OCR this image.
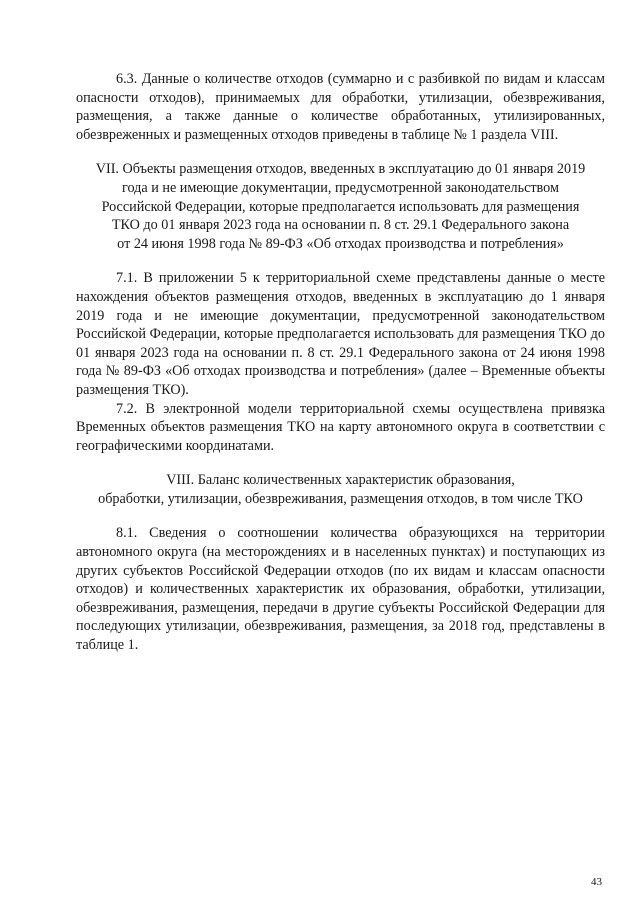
6.3. Данные о количестве отходов (суммарно и с разбивкой по видам и классам опасности отходов), принимаемых для обработки, утилизации, обезвреживания, размещения, а также данные о количестве обработанных, утилизированных, обезвреженных и размещенных отходов приведены в таблице № 1 раздела VIII.

VII. Объекты размещения отходов, введенных в эксплуатацию до 01 января 2019
года и не имеющие документации, предусмотренной законодательством
Российской Федерации, которые предполагается использовать для размещения
ТКО до 01 января 2023 года на основании п. 8 ст. 29.1 Федерального закона
от 24 июня 1998 года № 89-ФЗ «Об отходах производства и потребления»

7.1. В приложении 5 к территориальной схеме представлены данные о месте нахождения объектов размещения отходов, введенных в эксплуатацию до 1 января 2019 года и не имеющие документации, предусмотренной законодательством Российской Федерации, которые предполагается использовать для размещения ТКО до 01 января 2023 года на основании п. 8 ст. 29.1 Федерального закона от 24 июня 1998 года № 89-ФЗ «Об отходах производства и потребления» (далее – Временные объекты размещения ТКО).

7.2. В электронной модели территориальной схемы осуществлена привязка Временных объектов размещения ТКО на карту автономного округа в соответствии с географическими координатами.

VIII. Баланс количественных характеристик образования,
обработки, утилизации, обезвреживания, размещения отходов, в том числе ТКО

8.1. Сведения о соотношении количества образующихся на территории автономного округа (на месторождениях и в населенных пунктах) и поступающих из других субъектов Российской Федерации отходов (по их видам и классам опасности отходов) и количественных характеристик их образования, обработки, утилизации, обезвреживания, размещения, передачи в другие субъекты Российской Федерации для последующих утилизации, обезвреживания, размещения, за 2018 год, представлены в таблице 1.

43
